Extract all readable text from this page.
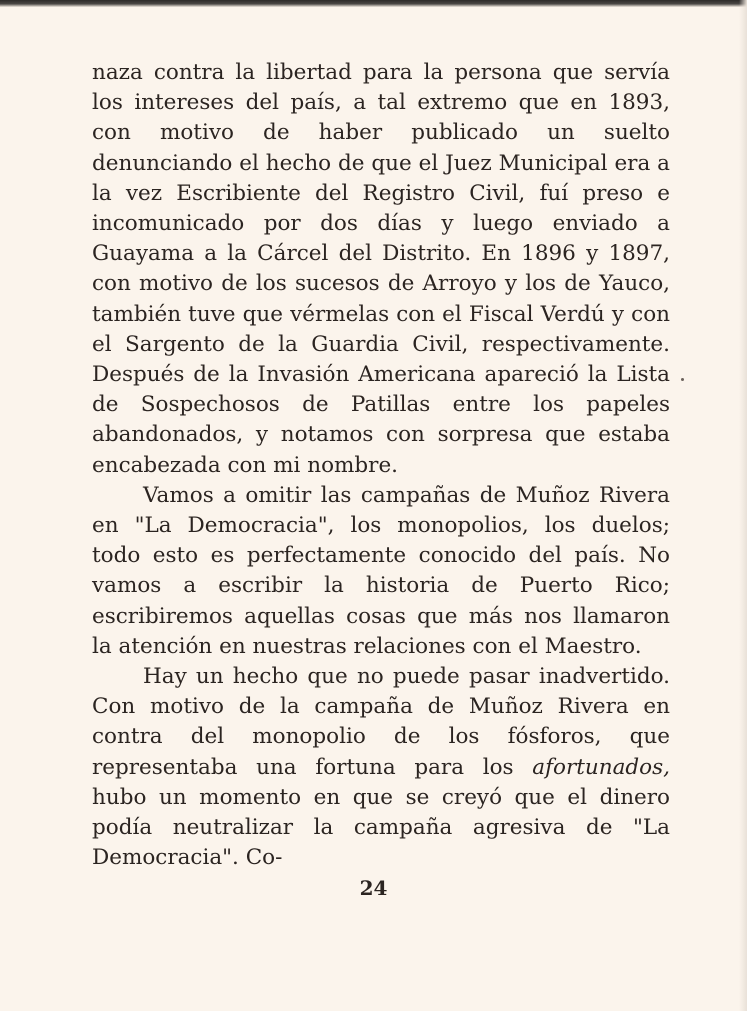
naza contra la libertad para la persona que servía los intereses del país, a tal extremo que en 1893, con motivo de haber publicado un suelto denunciando el hecho de que el Juez Municipal era a la vez Escribiente del Registro Civil, fuí preso e incomunicado por dos días y luego enviado a Guayama a la Cárcel del Distrito. En 1896 y 1897, con motivo de los sucesos de Arroyo y los de Yauco, también tuve que vérmelas con el Fiscal Verdú y con el Sargento de la Guardia Civil, respectivamente. Después de la Invasión Americana apareció la Lista de Sospechosos de Patillas entre los papeles abandonados, y notamos con sorpresa que estaba encabezada con mi nombre.

Vamos a omitir las campañas de Muñoz Rivera en "La Democracia", los monopolios, los duelos; todo esto es perfectamente conocido del país. No vamos a escribir la historia de Puerto Rico; escribiremos aquellas cosas que más nos llamaron la atención en nuestras relaciones con el Maestro.

Hay un hecho que no puede pasar inadvertido. Con motivo de la campaña de Muñoz Rivera en contra del monopolio de los fósforos, que representaba una fortuna para los afortunados, hubo un momento en que se creyó que el dinero podía neutralizar la campaña agresiva de "La Democracia". Co-

24
